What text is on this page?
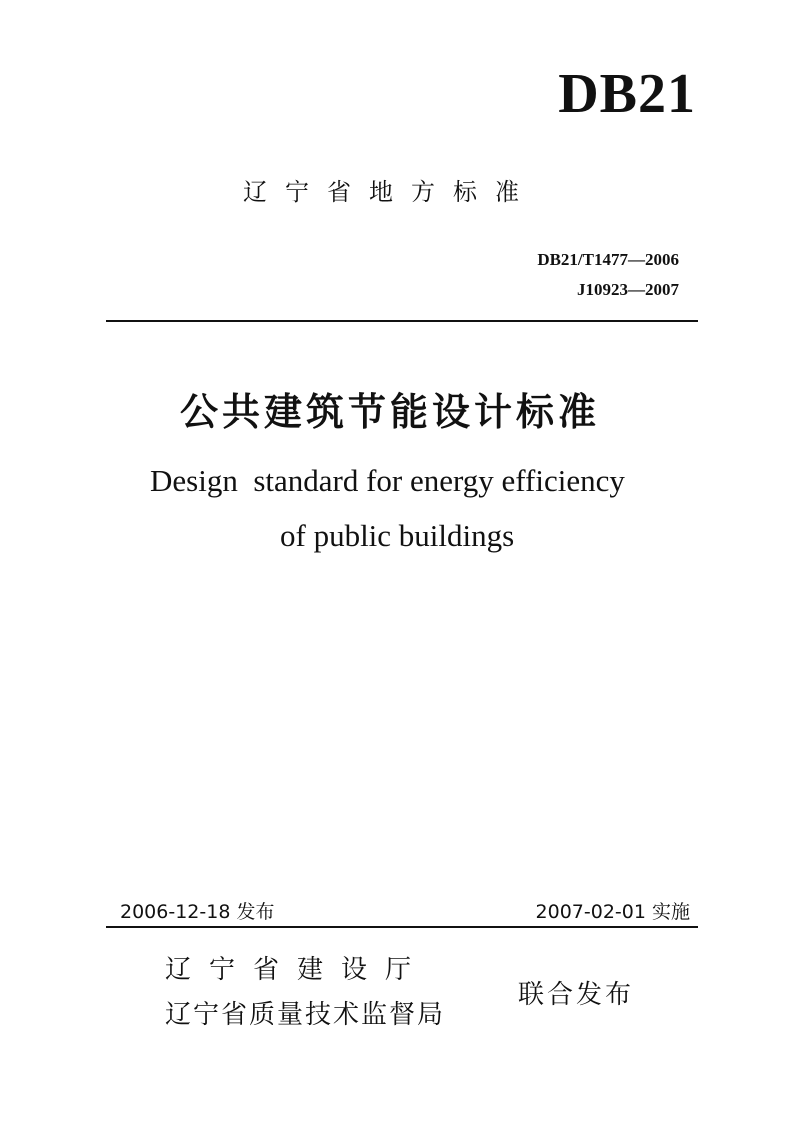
DB21
辽宁省地方标准
DB21/T1477—2006
J10923—2007
公共建筑节能设计标准
Design  standard for energy efficiency
of public buildings
2006-12-18 发布	2007-02-01 实施
辽宁省建设厅
辽宁省质量技术监督局
联合发布
